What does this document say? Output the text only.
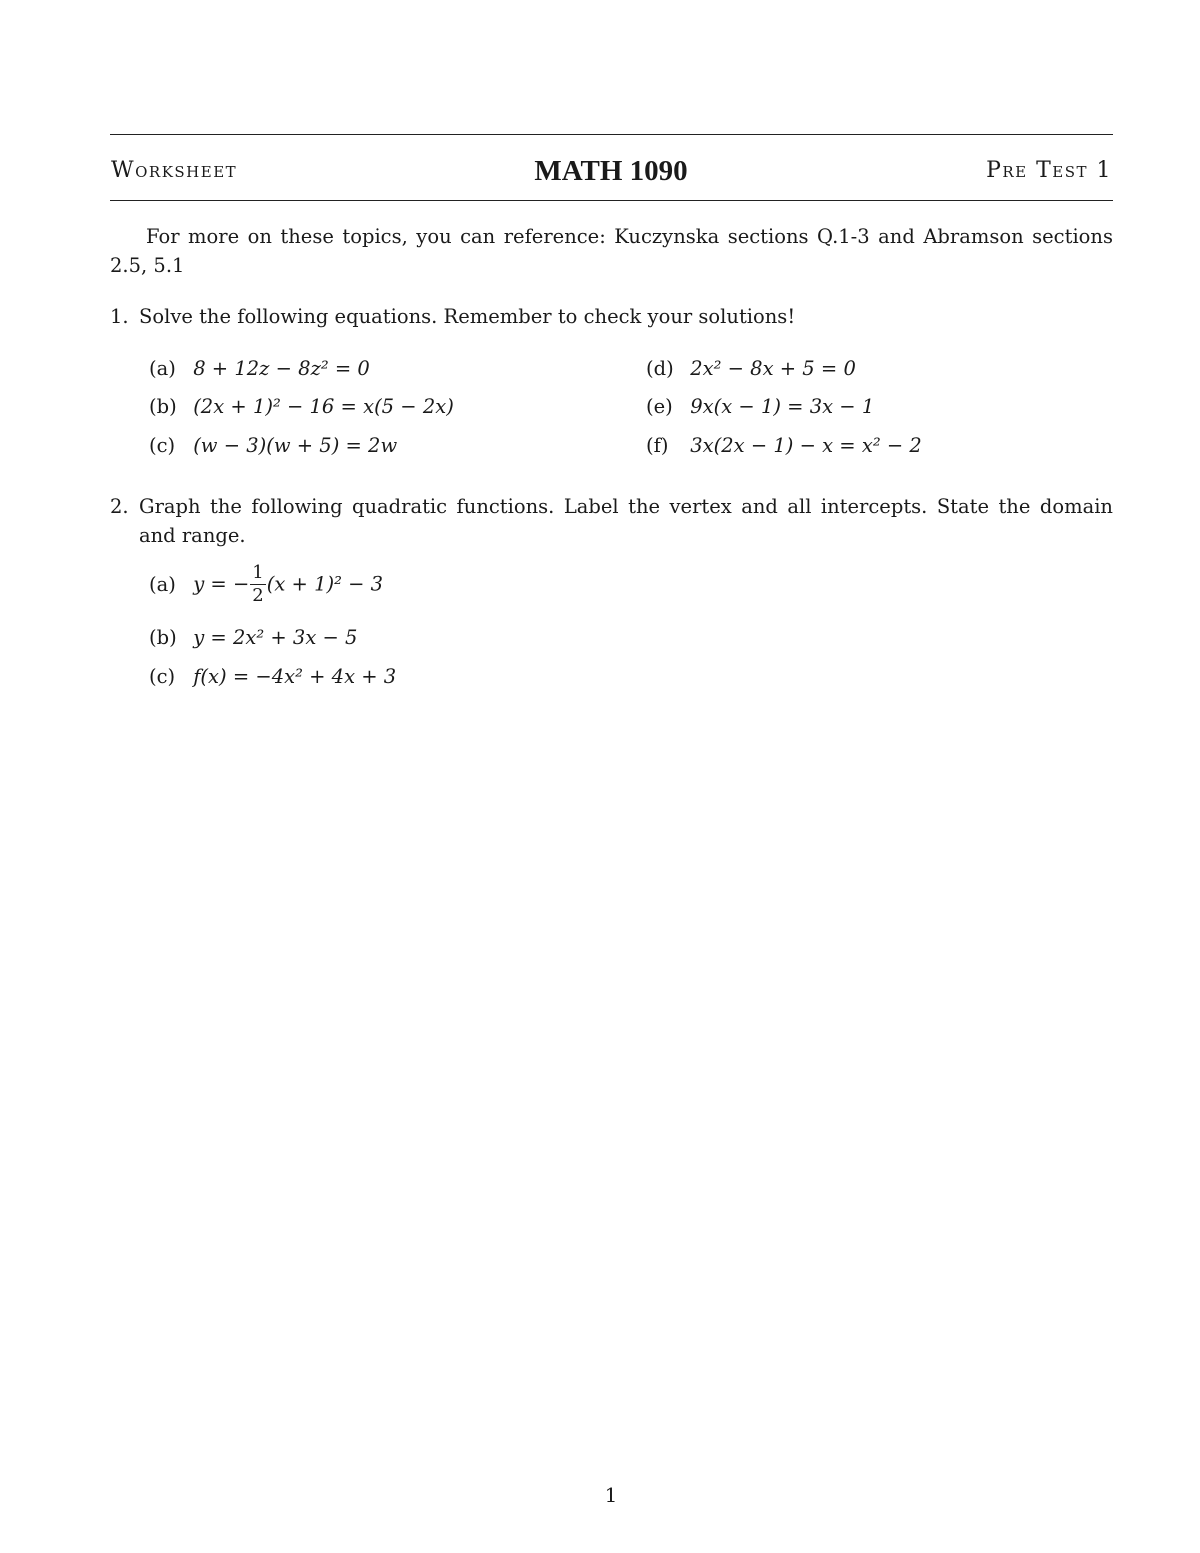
Worksheet	MATH 1090	Pre Test 1
For more on these topics, you can reference: Kuczynska sections Q.1-3 and Abramson sections 2.5, 5.1
1. Solve the following equations. Remember to check your solutions!
(a) 8 + 12z − 8z² = 0
(b) (2x + 1)² − 16 = x(5 − 2x)
(c) (w − 3)(w + 5) = 2w
(d) 2x² − 8x + 5 = 0
(e) 9x(x − 1) = 3x − 1
(f) 3x(2x − 1) − x = x² − 2
2. Graph the following quadratic functions. Label the vertex and all intercepts. State the domain and range.
(a) y = − $\frac{1}{2} (x + 1)^2 - 3$
(b) y = 2x² + 3x − 5
(c) f(x) = −4x² + 4x + 3
1
